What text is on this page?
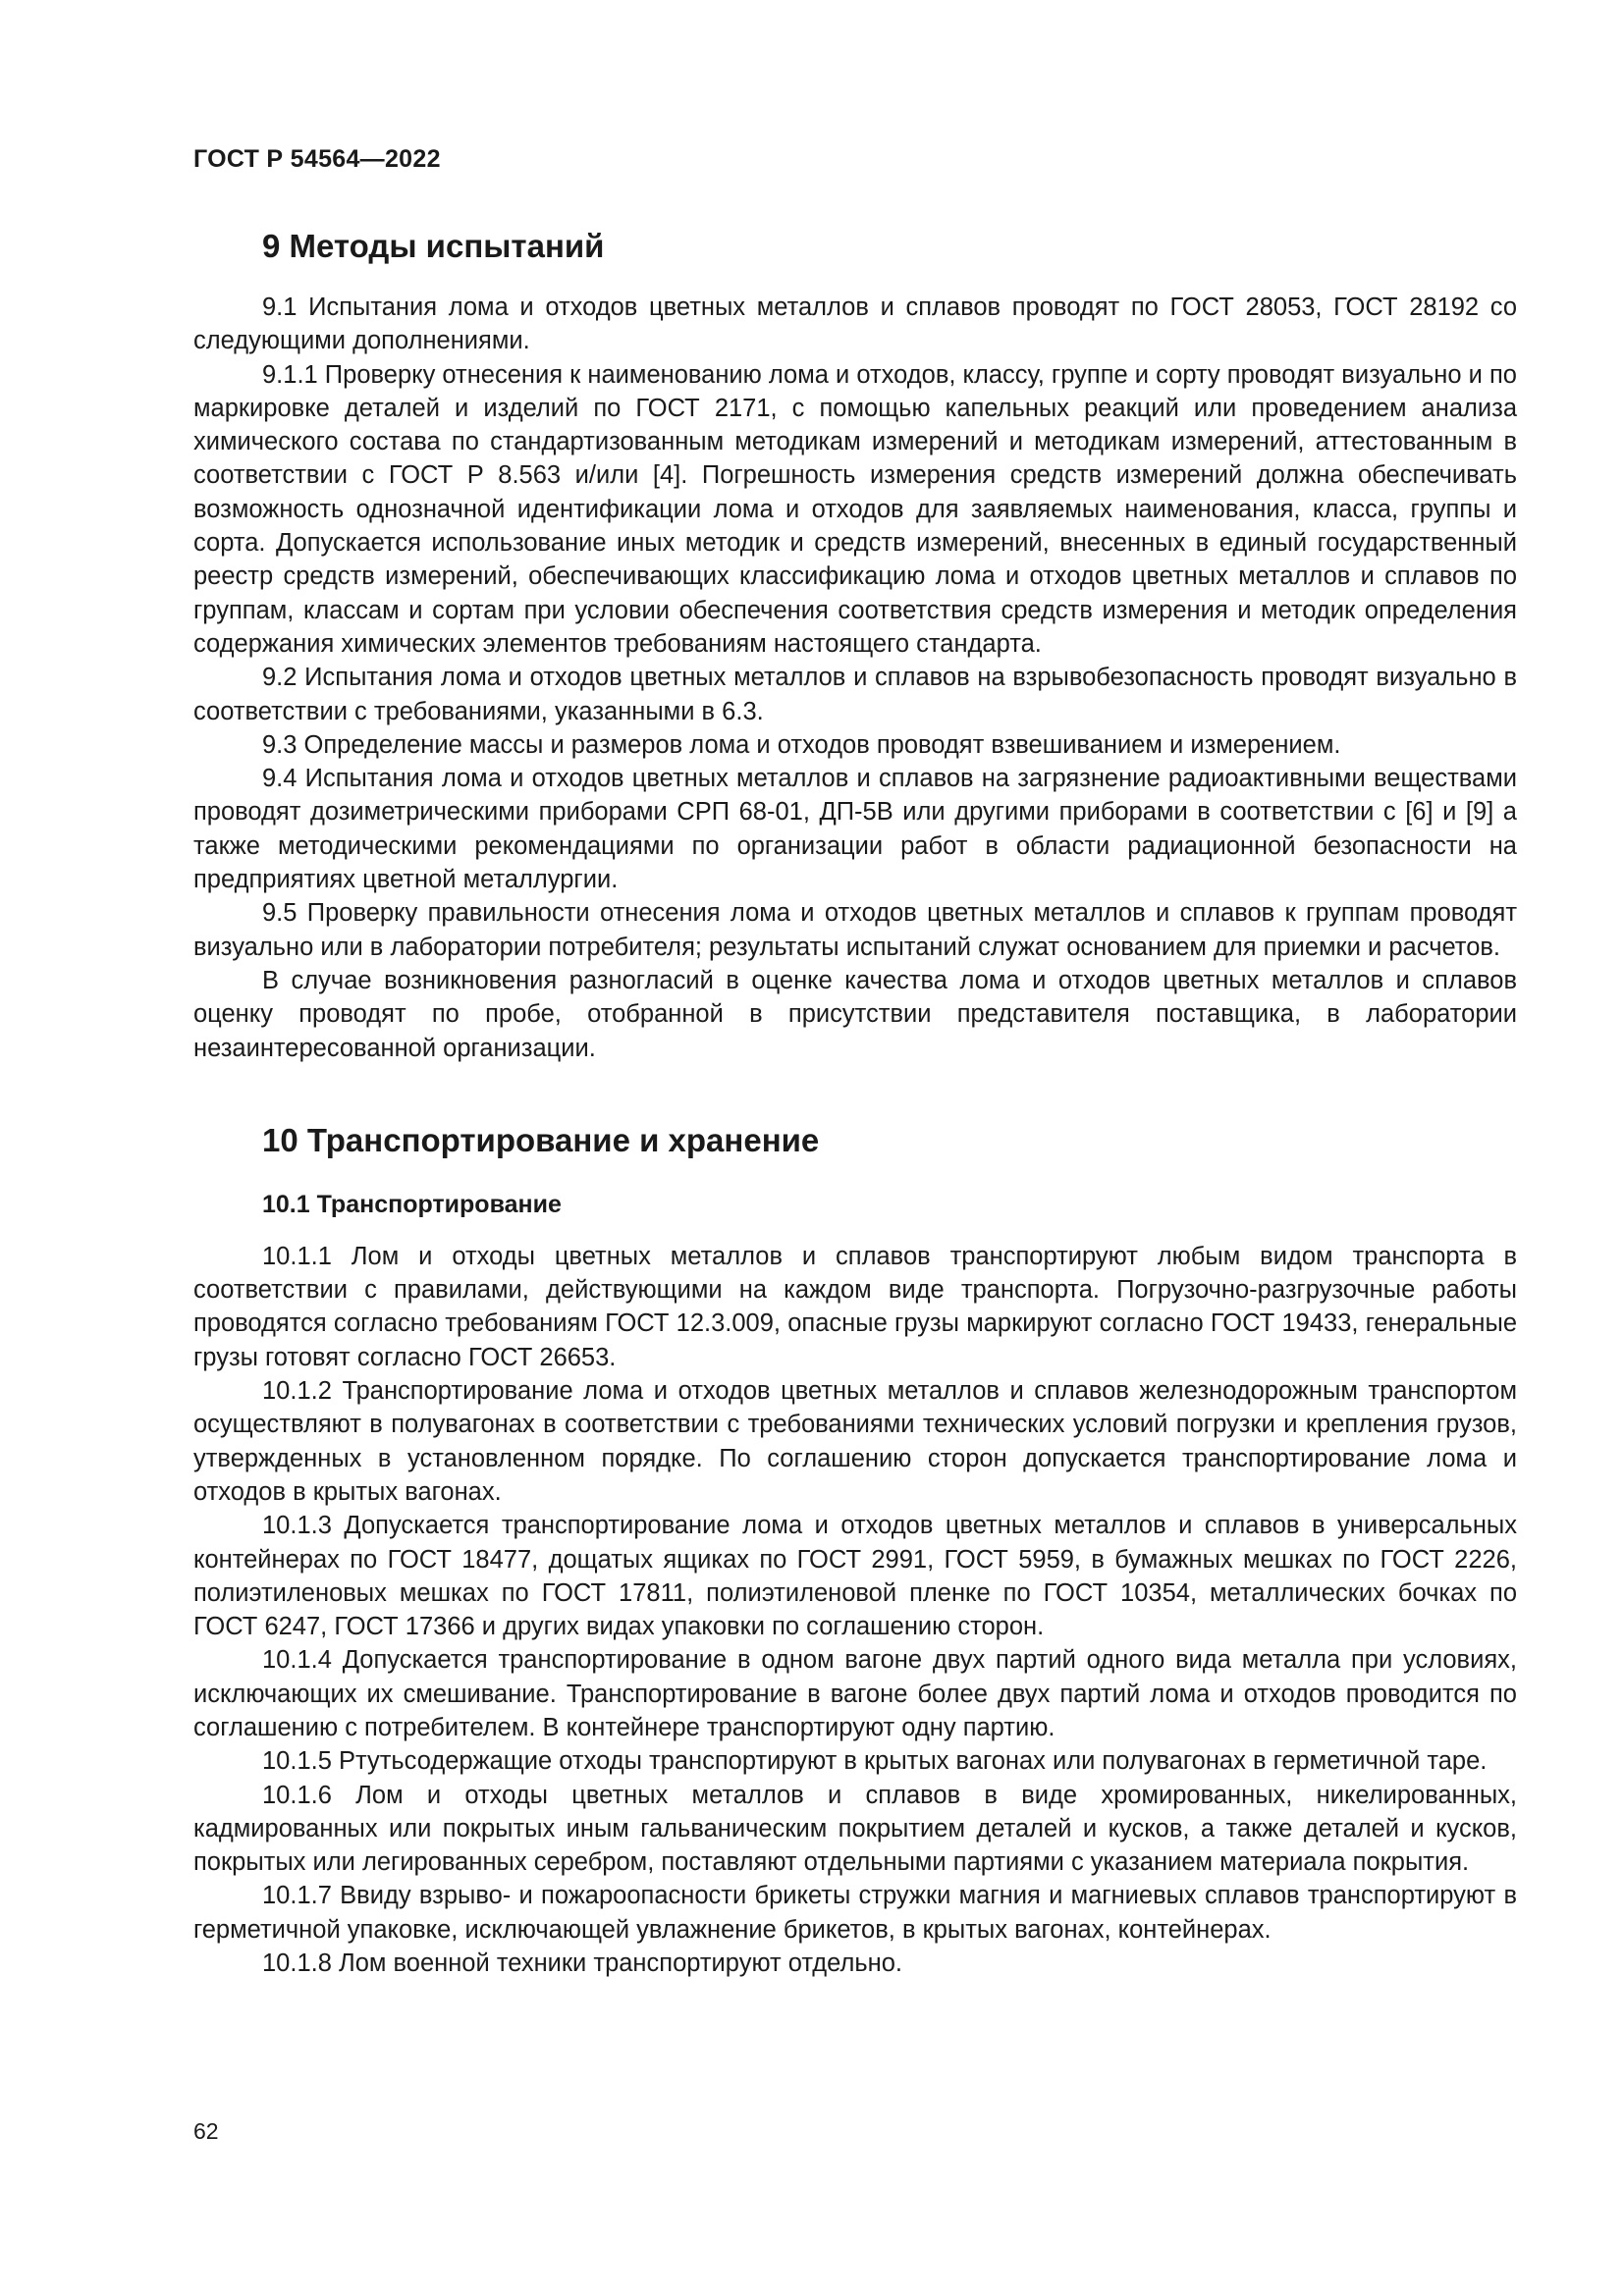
ГОСТ Р 54564—2022
9 Методы испытаний

9.1 Испытания лома и отходов цветных металлов и сплавов проводят по ГОСТ 28053, ГОСТ 28192 со следующими дополнениями.

9.1.1 Проверку отнесения к наименованию лома и отходов, классу, группе и сорту проводят визуально и по маркировке деталей и изделий по ГОСТ 2171, с помощью капельных реакций или проведением анализа химического состава по стандартизованным методикам измерений и методикам измерений, аттестованным в соответствии с ГОСТ Р 8.563 и/или [4]. Погрешность измерения средств измерений должна обеспечивать возможность однозначной идентификации лома и отходов для заявляемых наименования, класса, группы и сорта. Допускается использование иных методик и средств измерений, внесенных в единый государственный реестр средств измерений, обеспечивающих классификацию лома и отходов цветных металлов и сплавов по группам, классам и сортам при условии обеспечения соответствия средств измерения и методик определения содержания химических элементов требованиям настоящего стандарта.

9.2 Испытания лома и отходов цветных металлов и сплавов на взрывобезопасность проводят визуально в соответствии с требованиями, указанными в 6.3.

9.3 Определение массы и размеров лома и отходов проводят взвешиванием и измерением.

9.4 Испытания лома и отходов цветных металлов и сплавов на загрязнение радиоактивными веществами проводят дозиметрическими приборами СРП 68-01, ДП-5В или другими приборами в соответствии с [6] и [9] а также методическими рекомендациями по организации работ в области радиационной безопасности на предприятиях цветной металлургии.

9.5 Проверку правильности отнесения лома и отходов цветных металлов и сплавов к группам проводят визуально или в лаборатории потребителя; результаты испытаний служат основанием для приемки и расчетов.

В случае возникновения разногласий в оценке качества лома и отходов цветных металлов и сплавов оценку проводят по пробе, отобранной в присутствии представителя поставщика, в лаборатории незаинтересованной организации.

10 Транспортирование и хранение
10.1 Транспортирование

10.1.1 Лом и отходы цветных металлов и сплавов транспортируют любым видом транспорта в соответствии с правилами, действующими на каждом виде транспорта. Погрузочно-разгрузочные работы проводятся согласно требованиям ГОСТ 12.3.009, опасные грузы маркируют согласно ГОСТ 19433, генеральные грузы готовят согласно ГОСТ 26653.

10.1.2 Транспортирование лома и отходов цветных металлов и сплавов железнодорожным транспортом осуществляют в полувагонах в соответствии с требованиями технических условий погрузки и крепления грузов, утвержденных в установленном порядке. По соглашению сторон допускается транспортирование лома и отходов в крытых вагонах.

10.1.3 Допускается транспортирование лома и отходов цветных металлов и сплавов в универсальных контейнерах по ГОСТ 18477, дощатых ящиках по ГОСТ 2991, ГОСТ 5959, в бумажных мешках по ГОСТ 2226, полиэтиленовых мешках по ГОСТ 17811, полиэтиленовой пленке по ГОСТ 10354, металлических бочках по ГОСТ 6247, ГОСТ 17366 и других видах упаковки по соглашению сторон.

10.1.4 Допускается транспортирование в одном вагоне двух партий одного вида металла при условиях, исключающих их смешивание. Транспортирование в вагоне более двух партий лома и отходов проводится по соглашению с потребителем. В контейнере транспортируют одну партию.

10.1.5 Ртутьсодержащие отходы транспортируют в крытых вагонах или полувагонах в герметичной таре.

10.1.6 Лом и отходы цветных металлов и сплавов в виде хромированных, никелированных, кадмированных или покрытых иным гальваническим покрытием деталей и кусков, а также деталей и кусков, покрытых или легированных серебром, поставляют отдельными партиями с указанием материала покрытия.

10.1.7 Ввиду взрыво- и пожароопасности брикеты стружки магния и магниевых сплавов транспортируют в герметичной упаковке, исключающей увлажнение брикетов, в крытых вагонах, контейнерах.

10.1.8 Лом военной техники транспортируют отдельно.

62
